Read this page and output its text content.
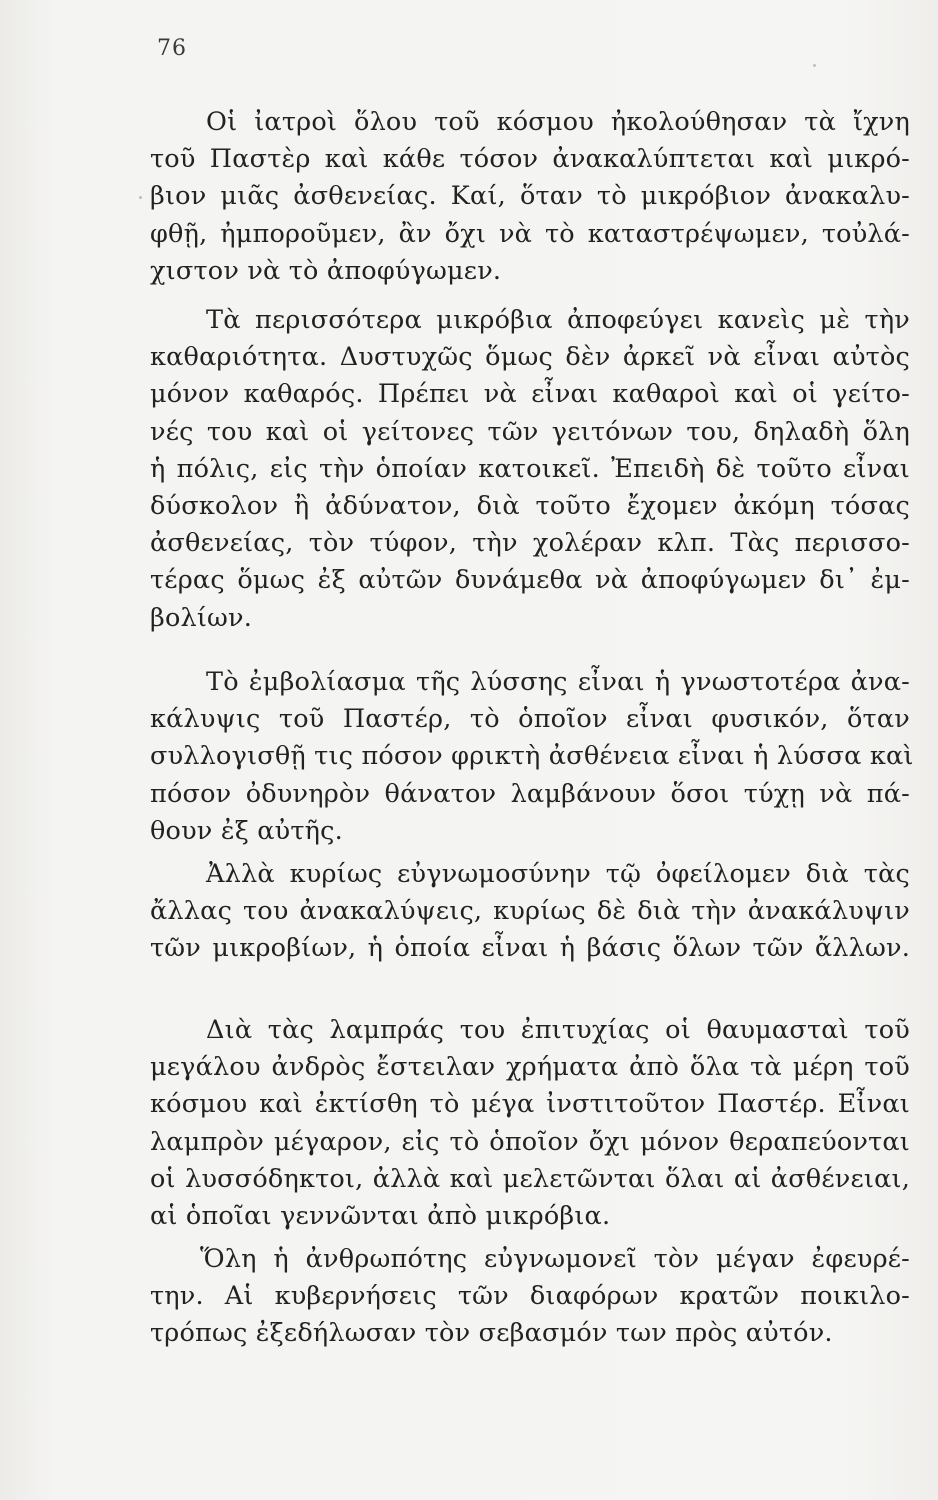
76
Οἱ ἰατροὶ ὅλου τοῦ κόσμου ἠκολούθησαν τὰ ἴχνη
τοῦ Παστὲρ καὶ κάθε τόσον ἀνακαλύπτεται καὶ μικρό-
βιον μιᾶς ἀσθενείας. Καί, ὅταν τὸ μικρόβιον ἀνακαλυ-
φθῇ, ἠμποροῦμεν, ἂν ὄχι νὰ τὸ καταστρέψωμεν, τοὐλά-
χιστον νὰ τὸ ἀποφύγωμεν.
Τὰ περισσότερα μικρόβια ἀποφεύγει κανεὶς μὲ τὴν
καθαριότητα. Δυστυχῶς ὅμως δὲν ἀρκεῖ νὰ εἶναι αὐτὸς
μόνον καθαρός. Πρέπει νὰ εἶναι καθαροὶ καὶ οἱ γείτο-
νές του καὶ οἱ γείτονες τῶν γειτόνων του, δηλαδὴ ὅλη
ἡ πόλις, εἰς τὴν ὁποίαν κατοικεῖ. Ἐπειδὴ δὲ τοῦτο εἶναι
δύσκολον ἢ ἀδύνατον, διὰ τοῦτο ἔχομεν ἀκόμη τόσας
ἀσθενείας, τὸν τύφον, τὴν χολέραν κλπ. Τὰς περισσο-
τέρας ὅμως ἐξ αὐτῶν δυνάμεθα νὰ ἀποφύγωμεν δι᾽ ἐμ-
βολίων.
Τὸ ἐμβολίασμα τῆς λύσσης εἶναι ἡ γνωστοτέρα ἀνα-
κάλυψις τοῦ Παστέρ, τὸ ὁποῖον εἶναι φυσικόν, ὅταν
συλλογισθῇ τις πόσον φρικτὴ ἀσθένεια εἶναι ἡ λύσσα καὶ
πόσον ὀδυνηρὸν θάνατον λαμβάνουν ὅσοι τύχῃ νὰ πά-
θουν ἐξ αὐτῆς.
Ἀλλὰ κυρίως εὐγνωμοσύνην τῷ ὀφείλομεν διὰ τὰς
ἄλλας του ἀνακαλύψεις, κυρίως δὲ διὰ τὴν ἀνακάλυψιν
τῶν μικροβίων, ἡ ὁποία εἶναι ἡ βάσις ὅλων τῶν ἄλλων.
Διὰ τὰς λαμπράς του ἐπιτυχίας οἱ θαυμασταὶ τοῦ
μεγάλου ἀνδρὸς ἔστειλαν χρήματα ἀπὸ ὅλα τὰ μέρη τοῦ
κόσμου καὶ ἐκτίσθη τὸ μέγα ἰνστιτοῦτον Παστέρ. Εἶναι
λαμπρὸν μέγαρον, εἰς τὸ ὁποῖον ὄχι μόνον θεραπεύονται
οἱ λυσσόδηκτοι, ἀλλὰ καὶ μελετῶνται ὅλαι αἱ ἀσθένειαι,
αἱ ὁποῖαι γεννῶνται ἀπὸ μικρόβια.
Ὅλη ἡ ἀνθρωπότης εὐγνωμονεῖ τὸν μέγαν ἐφευρέ-
την. Αἱ κυβερνήσεις τῶν διαφόρων κρατῶν ποικιλο-
τρόπως ἐξεδήλωσαν τὸν σεβασμόν των πρὸς αὐτόν.
